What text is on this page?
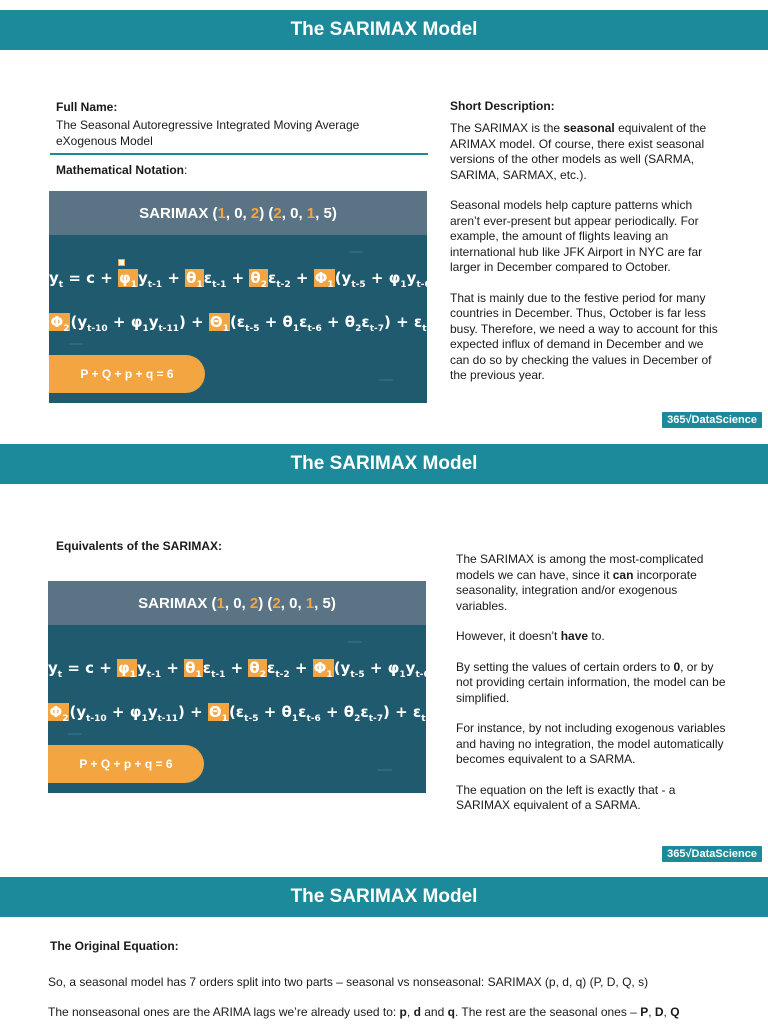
The SARIMAX Model
Full Name:
The Seasonal Autoregressive Integrated Moving Average
eXogenous Model
Mathematical Notation:
SARIMAX ( 1 , 0 , 2 ) ( 2 , 0 , 1 , 5 )
$y_t = c + \varphi_1y_{t-1} + \theta_1\varepsilon_{t-1} + \theta_2\varepsilon_{t-2} + \Phi_1(y_{t-5} + \varphi_1y_{t-6})$ +
$\Phi_2(y_{t-10} + \varphi_1y_{t-11}) + \Theta_1(\varepsilon_{t-5} + \theta_1\varepsilon_{t-6} + \theta_2\varepsilon_{t-7}) + \varepsilon_t$
P + Q + p + q = 6
Short Description:

The SARIMAX is the seasonal equivalent of the ARIMAX model. Of course, there exist seasonal versions of the other models as well (SARMA, SARIMA, SARMAX, etc.).

Seasonal models help capture patterns which aren’t ever-present but appear periodically. For example, the amount of flights leaving an international hub like JFK Airport in NYC are far larger in December compared to October.

That is mainly due to the festive period for many countries in December. Thus, October is far less busy. Therefore, we need a way to account for this expected influx of demand in December and we can do so by checking the values in December of the previous year.

365√DataScience
The SARIMAX Model
Equivalents of the SARIMAX:
SARIMAX ( 1 , 0 , 2 ) ( 2 , 0 , 1 , 5 )
$y_t = c + \varphi_1y_{t-1} + \theta_1\varepsilon_{t-1} + \theta_2\varepsilon_{t-2} + \Phi_1(y_{t-5} + \varphi_1y_{t-6})$ +
$\Phi_2(y_{t-10} + \varphi_1y_{t-11}) + \Theta_1(\varepsilon_{t-5} + \theta_1\varepsilon_{t-6} + \theta_2\varepsilon_{t-7}) + \varepsilon_t$
P + Q + p + q = 6

The SARIMAX is among the most-complicated models we can have, since it can incorporate seasonality, integration and/or exogenous variables.

However, it doesn’t have to.

By setting the values of certain orders to 0, or by not providing certain information, the model can be simplified.

For instance, by not including exogenous variables and having no integration, the model automatically becomes equivalent to a SARMA.

The equation on the left is exactly that - a SARIMAX equivalent of a SARMA.

365√DataScience
The SARIMAX Model
The Original Equation:
So, a seasonal model has 7 orders split into two parts – seasonal vs nonseasonal: SARIMAX (p, d, q) (P, D, Q, s)
The nonseasonal ones are the ARIMA lags we’re already used to: p, d and q. The rest are the seasonal ones – P, D, Q
